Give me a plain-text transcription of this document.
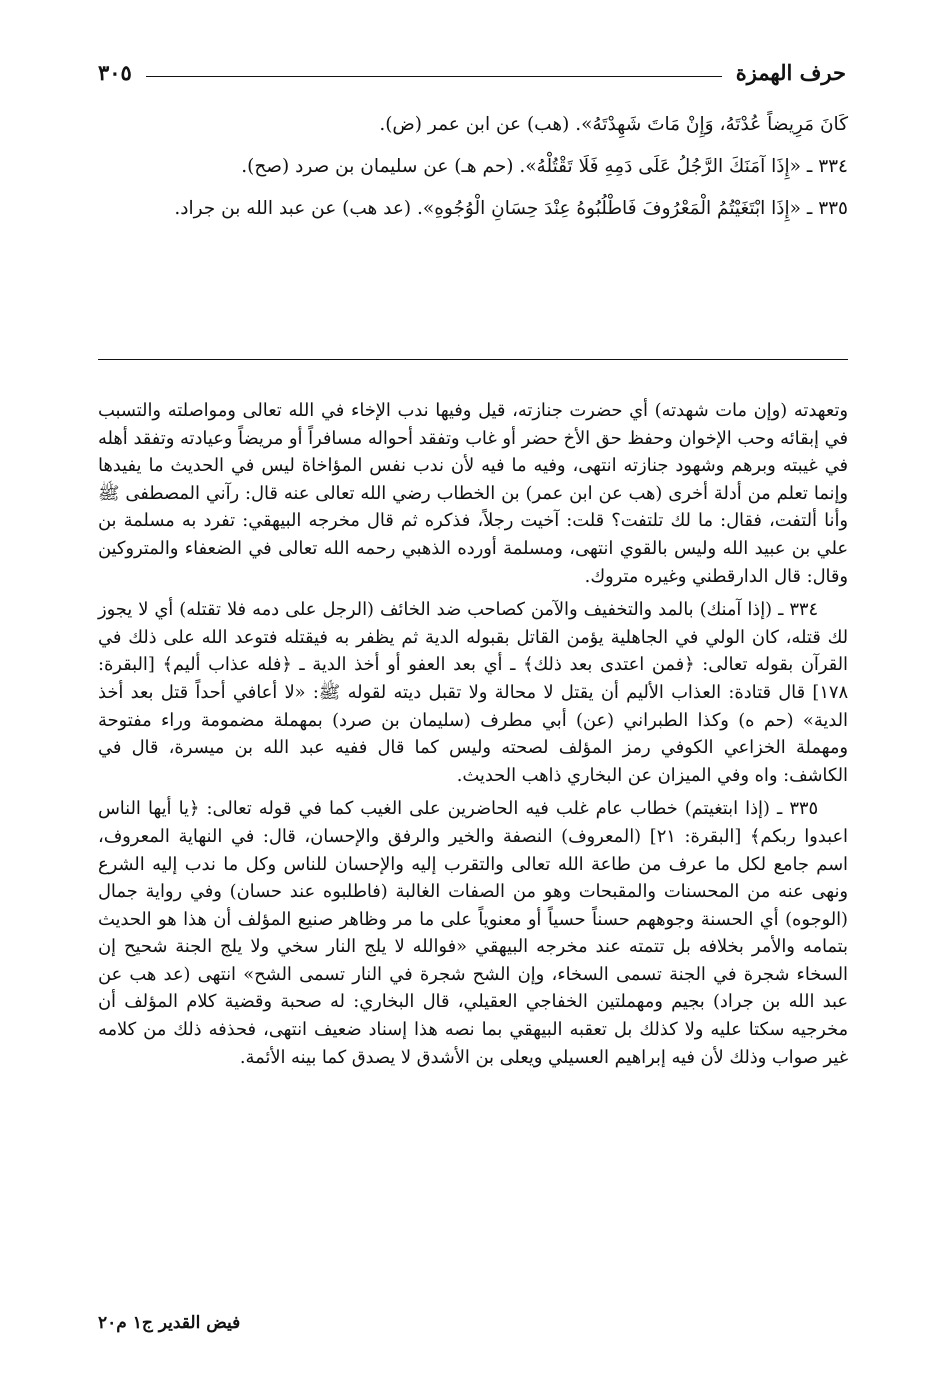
حرف الهمزة
٣٠٥

كَانَ مَرِيضاً عُدْتَهُ، وَإِنْ مَاتَ شَهِدْتَهُ». (هب) عن ابن عمر (ض).

٣٣٤ ـ «إِذَا آمَنَكَ الرَّجُلُ عَلَى دَمِهِ فَلَا تَقْتُلْهُ». (حم هـ) عن سليمان بن صرد (صح).

٣٣٥ ـ «إِذَا ابْتَغَيْتُمُ الْمَعْرُوفَ فَاطْلُبُوهُ عِنْدَ حِسَانِ الْوُجُوهِ». (عد هب) عن عبد الله بن جراد.

وتعهدته (وإن مات شهدته) أي حضرت جنازته، قيل وفيها ندب الإخاء في الله تعالى ومواصلته والتسبب في إبقائه وحب الإخوان وحفظ حق الأخ حضر أو غاب وتفقد أحواله مسافراً أو مريضاً وعيادته وتفقد أهله في غيبته وبرهم وشهود جنازته انتهى، وفيه ما فيه لأن ندب نفس المؤاخاة ليس في الحديث ما يفيدها وإنما تعلم من أدلة أخرى (هب عن ابن عمر) بن الخطاب رضي الله تعالى عنه قال: رآني المصطفى ﷺ وأنا ألتفت، فقال: ما لك تلتفت؟ قلت: آخيت رجلاً، فذكره ثم قال مخرجه البيهقي: تفرد به مسلمة بن علي بن عبيد الله وليس بالقوي انتهى، ومسلمة أورده الذهبي رحمه الله تعالى في الضعفاء والمتروكين وقال: قال الدارقطني وغيره متروك.

٣٣٤ ـ (إذا آمنك) بالمد والتخفيف والآمن كصاحب ضد الخائف (الرجل على دمه فلا تقتله) أي لا يجوز لك قتله، كان الولي في الجاهلية يؤمن القاتل بقبوله الدية ثم يظفر به فيقتله فتوعد الله على ذلك في القرآن بقوله تعالى: ﴿فمن اعتدى بعد ذلك﴾ ـ أي بعد العفو أو أخذ الدية ـ ﴿فله عذاب أليم﴾ [البقرة: ١٧٨] قال قتادة: العذاب الأليم أن يقتل لا محالة ولا تقبل ديته لقوله ﷺ: «لا أعافي أحداً قتل بعد أخذ الدية» (حم ه) وكذا الطبراني (عن) أبي مطرف (سليمان بن صرد) بمهملة مضمومة وراء مفتوحة ومهملة الخزاعي الكوفي رمز المؤلف لصحته وليس كما قال ففيه عبد الله بن ميسرة، قال في الكاشف: واه وفي الميزان عن البخاري ذاهب الحديث.

٣٣٥ ـ (إذا ابتغيتم) خطاب عام غلب فيه الحاضرين على الغيب كما في قوله تعالى: ﴿يا أيها الناس اعبدوا ربكم﴾ [البقرة: ٢١] (المعروف) النصفة والخير والرفق والإحسان، قال: في النهاية المعروف، اسم جامع لكل ما عرف من طاعة الله تعالى والتقرب إليه والإحسان للناس وكل ما ندب إليه الشرع ونهى عنه من المحسنات والمقبحات وهو من الصفات الغالبة (فاطلبوه عند حسان) وفي رواية جمال (الوجوه) أي الحسنة وجوههم حسناً حسياً أو معنوياً على ما مر وظاهر صنيع المؤلف أن هذا هو الحديث بتمامه والأمر بخلافه بل تتمته عند مخرجه البيهقي «فوالله لا يلج النار سخي ولا يلج الجنة شحيح إن السخاء شجرة في الجنة تسمى السخاء، وإن الشح شجرة في النار تسمى الشح» انتهى (عد هب عن عبد الله بن جراد) بجيم ومهملتين الخفاجي العقيلي، قال البخاري: له صحبة وقضية كلام المؤلف أن مخرجيه سكتا عليه ولا كذلك بل تعقبه البيهقي بما نصه هذا إسناد ضعيف انتهى، فحذفه ذلك من كلامه غير صواب وذلك لأن فيه إبراهيم العسيلي ويعلى بن الأشدق لا يصدق كما بينه الأئمة.

فيض القدير ج١ م٢٠
